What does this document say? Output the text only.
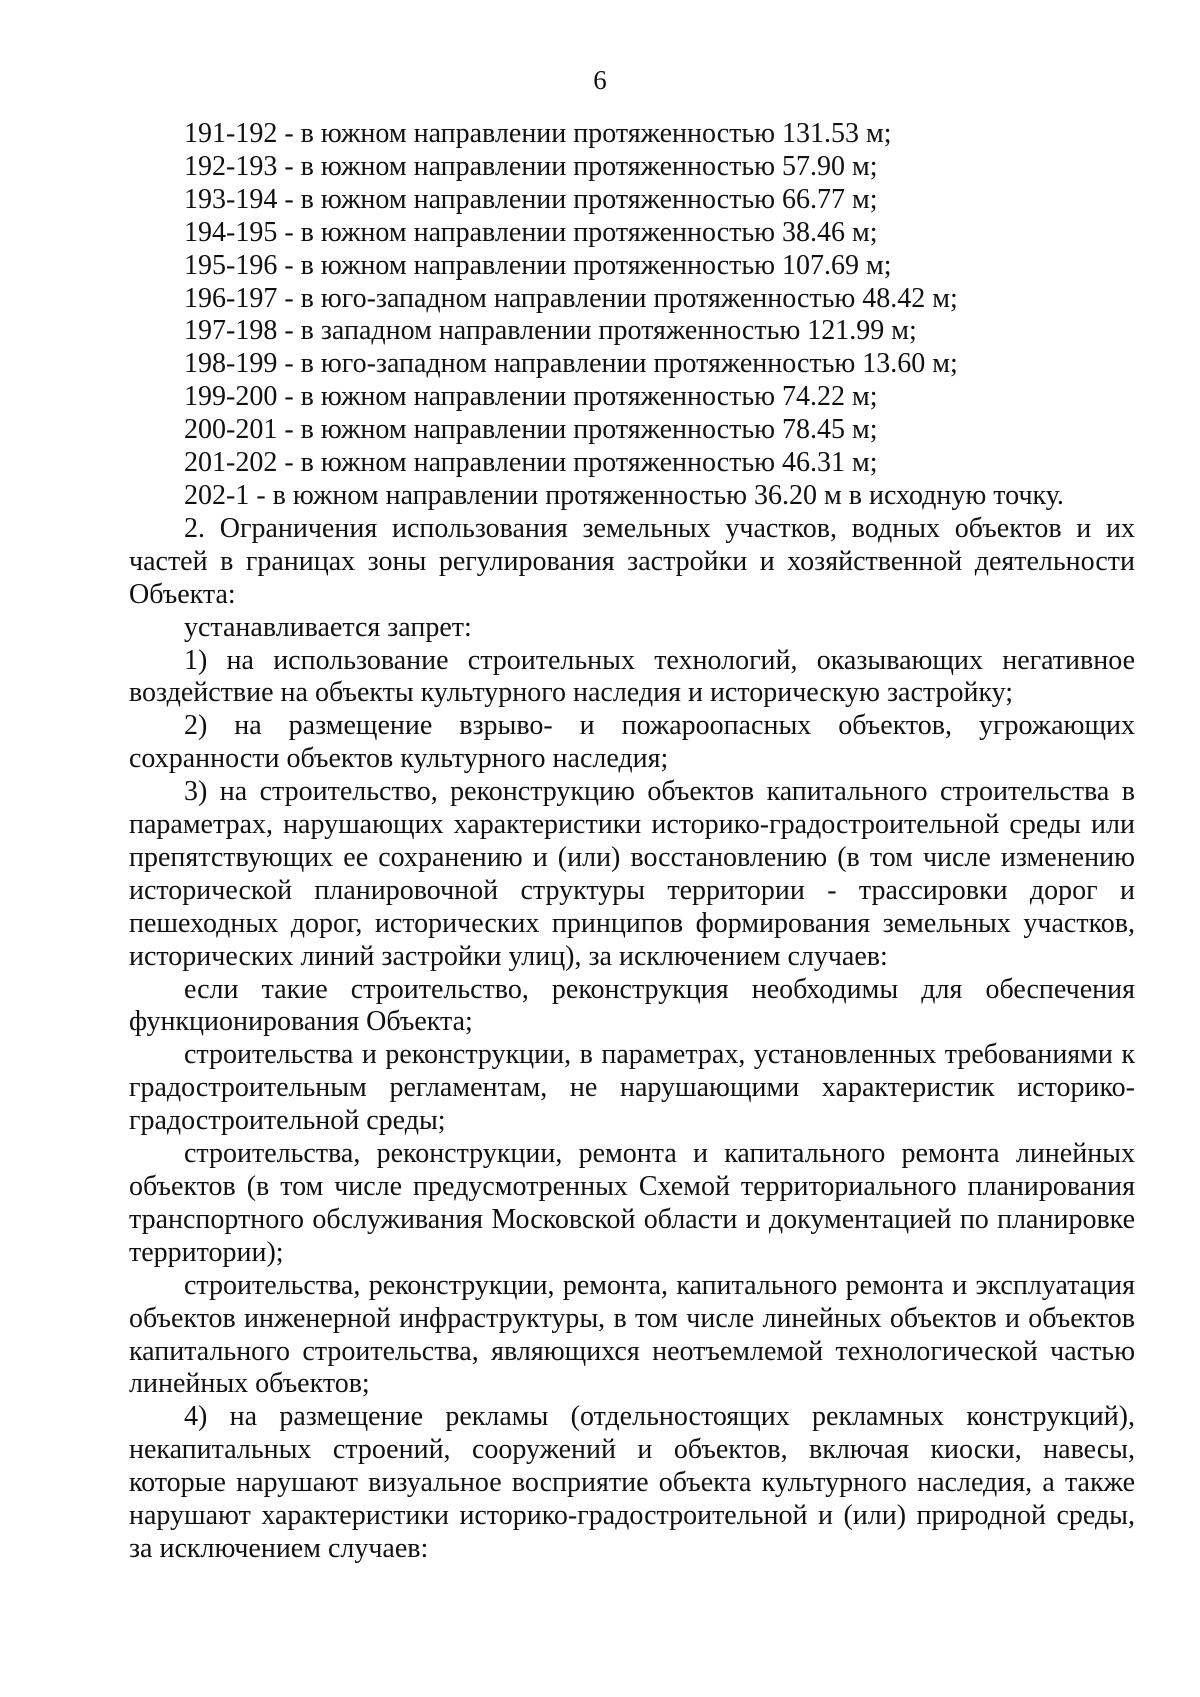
6

191-192 - в южном направлении протяженностью 131.53 м;

192-193 - в южном направлении протяженностью 57.90 м;

193-194 - в южном направлении протяженностью 66.77 м;

194-195 - в южном направлении протяженностью 38.46 м;

195-196 - в южном направлении протяженностью 107.69 м;

196-197 - в юго-западном направлении протяженностью 48.42 м;

197-198 - в западном направлении протяженностью 121.99 м;

198-199 - в юго-западном направлении протяженностью 13.60 м;

199-200 - в южном направлении протяженностью 74.22 м;

200-201 - в южном направлении протяженностью 78.45 м;

201-202 - в южном направлении протяженностью 46.31 м;

202-1 - в южном направлении протяженностью 36.20 м в исходную точку.

2. Ограничения использования земельных участков, водных объектов и их частей в границах зоны регулирования застройки и хозяйственной деятельности Объекта:

устанавливается запрет:

1) на использование строительных технологий, оказывающих негативное воздействие на объекты культурного наследия и историческую застройку;

2) на размещение взрыво- и пожароопасных объектов, угрожающих сохранности объектов культурного наследия;

3) на строительство, реконструкцию объектов капитального строительства в параметрах, нарушающих характеристики историко-градостроительной среды или препятствующих ее сохранению и (или) восстановлению (в том числе изменению исторической планировочной структуры территории - трассировки дорог и пешеходных дорог, исторических принципов формирования земельных участков, исторических линий застройки улиц), за исключением случаев:

если такие строительство, реконструкция необходимы для обеспечения функционирования Объекта;

строительства и реконструкции, в параметрах, установленных требованиями к градостроительным регламентам, не нарушающими характеристик историко-градостроительной среды;

строительства, реконструкции, ремонта и капитального ремонта линейных объектов (в том числе предусмотренных Схемой территориального планирования транспортного обслуживания Московской области и документацией по планировке территории);

строительства, реконструкции, ремонта, капитального ремонта и эксплуатация объектов инженерной инфраструктуры, в том числе линейных объектов и объектов капитального строительства, являющихся неотъемлемой технологической частью линейных объектов;

4) на размещение рекламы (отдельностоящих рекламных конструкций), некапитальных строений, сооружений и объектов, включая киоски, навесы, которые нарушают визуальное восприятие объекта культурного наследия, а также нарушают характеристики историко-градостроительной и (или) природной среды, за исключением случаев:
